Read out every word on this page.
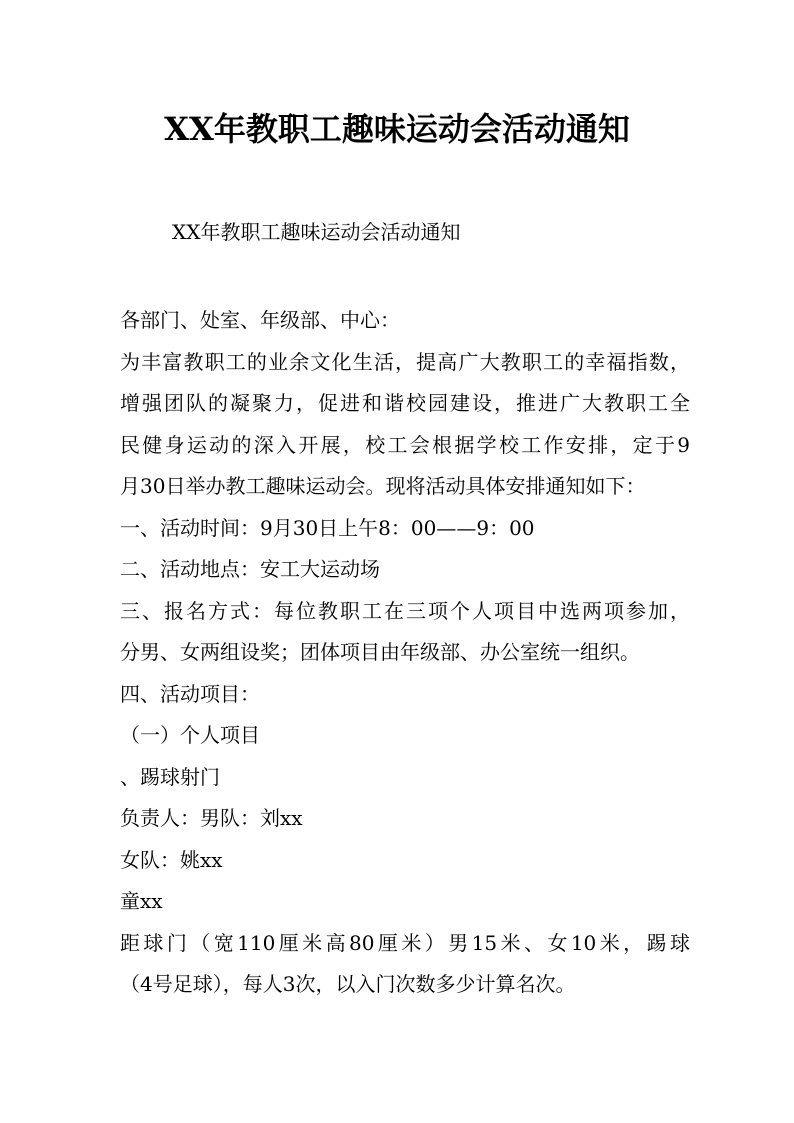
XX年教职工趣味运动会活动通知

XX年教职工趣味运动会活动通知

各部门、处室、年级部、中心：
为丰富教职工的业余文化生活，提高广大教职工的幸福指数，
增强团队的凝聚力，促进和谐校园建设，推进广大教职工全
民健身运动的深入开展，校工会根据学校工作安排，定于9
月30日举办教工趣味运动会。现将活动具体安排通知如下：
一、活动时间：9月30日上午8：00——9：00
二、活动地点：安工大运动场
三、报名方式：每位教职工在三项个人项目中选两项参加，
分男、女两组设奖；团体项目由年级部、办公室统一组织。
四、活动项目：
（一）个人项目
、踢球射门
负责人：男队：刘xx
女队：姚xx
童xx
距球门（宽110厘米高80厘米）男15米、女10米，踢球
（4号足球），每人3次，以入门次数多少计算名次。
